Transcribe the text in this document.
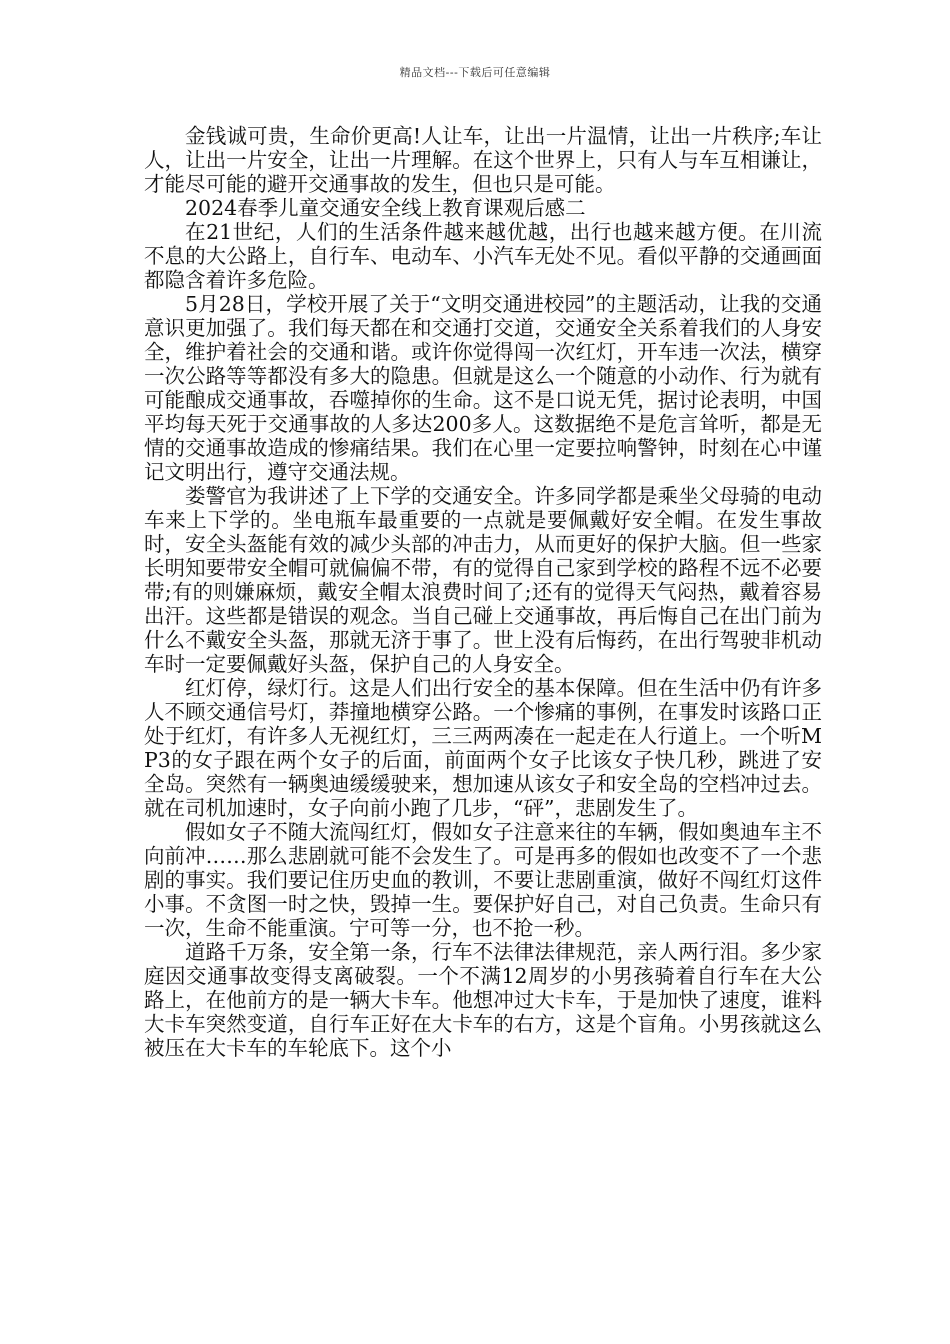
精品文档---下载后可任意编辑

金钱诚可贵，生命价更高!人让车，让出一片温情，让出一片秩序;车让人，让出一片安全，让出一片理解。在这个世界上，只有人与车互相谦让，才能尽可能的避开交通事故的发生，但也只是可能。

2024春季儿童交通安全线上教育课观后感二

在21世纪，人们的生活条件越来越优越，出行也越来越方便。在川流不息的大公路上，自行车、电动车、小汽车无处不见。看似平静的交通画面都隐含着许多危险。

5月28日，学校开展了关于“文明交通进校园”的主题活动，让我的交通意识更加强了。我们每天都在和交通打交道，交通安全关系着我们的人身安全，维护着社会的交通和谐。或许你觉得闯一次红灯，开车违一次法，横穿一次公路等等都没有多大的隐患。但就是这么一个随意的小动作、行为就有可能酿成交通事故，吞噬掉你的生命。这不是口说无凭，据讨论表明，中国平均每天死于交通事故的人多达200多人。这数据绝不是危言耸听，都是无情的交通事故造成的惨痛结果。我们在心里一定要拉响警钟，时刻在心中谨记文明出行，遵守交通法规。

娄警官为我讲述了上下学的交通安全。许多同学都是乘坐父母骑的电动车来上下学的。坐电瓶车最重要的一点就是要佩戴好安全帽。在发生事故时，安全头盔能有效的减少头部的冲击力，从而更好的保护大脑。但一些家长明知要带安全帽可就偏偏不带，有的觉得自己家到学校的路程不远不必要带;有的则嫌麻烦，戴安全帽太浪费时间了;还有的觉得天气闷热，戴着容易出汗。这些都是错误的观念。当自己碰上交通事故，再后悔自己在出门前为什么不戴安全头盔，那就无济于事了。世上没有后悔药，在出行驾驶非机动车时一定要佩戴好头盔，保护自己的人身安全。

红灯停，绿灯行。这是人们出行安全的基本保障。但在生活中仍有许多人不顾交通信号灯，莽撞地横穿公路。一个惨痛的事例，在事发时该路口正处于红灯，有许多人无视红灯，三三两两凑在一起走在人行道上。一个听MP3的女子跟在两个女子的后面，前面两个女子比该女子快几秒，跳进了安全岛。突然有一辆奥迪缓缓驶来，想加速从该女子和安全岛的空档冲过去。就在司机加速时，女子向前小跑了几步，“砰”，悲剧发生了。

假如女子不随大流闯红灯，假如女子注意来往的车辆，假如奥迪车主不向前冲……那么悲剧就可能不会发生了。可是再多的假如也改变不了一个悲剧的事实。我们要记住历史血的教训，不要让悲剧重演，做好不闯红灯这件小事。不贪图一时之快，毁掉一生。要保护好自己，对自己负责。生命只有一次，生命不能重演。宁可等一分，也不抢一秒。

道路千万条，安全第一条，行车不法律法律规范，亲人两行泪。多少家庭因交通事故变得支离破裂。一个不满12周岁的小男孩骑着自行车在大公路上，在他前方的是一辆大卡车。他想冲过大卡车，于是加快了速度，谁料大卡车突然变道，自行车正好在大卡车的右方，这是个盲角。小男孩就这么被压在大卡车的车轮底下。这个小
